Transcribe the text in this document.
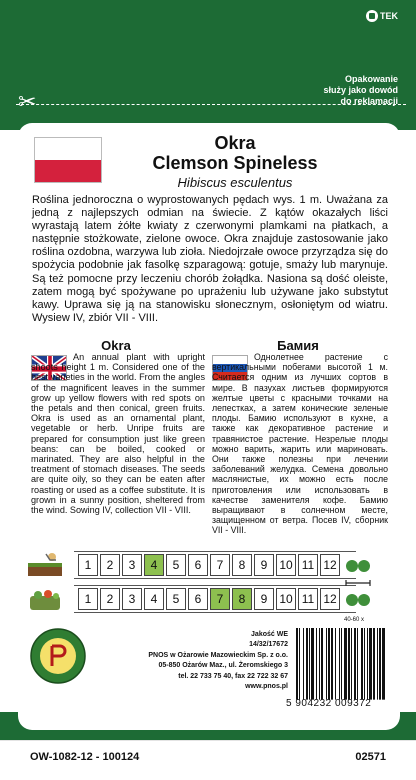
TEK
Opakowanie
służy jako dowód
do reklamacji
✂
Okra
Clemson Spineless
Hibiscus esculentus
Roślina jednoroczna o wyprostowanych pędach wys. 1 m. Uważana za jedną z najlepszych odmian na świecie. Z kątów okazałych liści wyrastają latem żółte kwiaty z czerwonymi plamkami na płatkach, a następnie stożkowate, zielone owoce. Okra znajduje zastosowanie jako roślina ozdobna, warzywa lub zioła. Niedojrzałe owoce przyrządza się do spożycia podobnie jak fasolkę szparagową: gotuje, smaży lub marynuje. Są też pomocne przy leczeniu chorób żołądka. Nasiona są dość oleiste, zatem mogą być spożywane po uprażeniu lub używane jako substytut kawy. Uprawa się ją na stanowisku słonecznym, osłoniętym od wiatru. Wysiew IV, zbiór VII - VIII.
Okra	Бамия
An annual plant with upright shoots height 1 m. Considered one of the best varieties in the world. From the angles of the magnificent leaves in the summer grow up yellow flowers with red spots on the petals and then conical, green fruits. Okra is used as an ornamental plant, vegetable or herb. Unripe fruits are prepared for consumption just like green beans: can be boiled, cooked or marinated. They are also helpful in the treatment of stomach diseases. The seeds are quite oily, so they can be eaten after roasting or used as a coffee substitute. It is grown in a sunny position, sheltered from the wind. Sowing IV, collection VII - VIII.
Однолетнее растение с вертикальными побегами высотой 1 м. Считается одним из лучших сортов в мире. В пазухах листьев формируются желтые цветы с красными точками на лепестках, а затем конические зеленые плоды. Бамию используют в кухне, а также как декоративное растение и травянистое растение. Незрелые плоды можно варить, жарить или мариновать. Они также полезны при лечении заболеваний желудка. Семена довольно маслянистые, их можно есть после приготовления или использовать в качестве заменителя кофе. Бамию выращивают в солнечном месте, защищенном от ветра. Посев IV, сборник VII - VIII.
1	2	3	4	5	6	7	8	9 10 11 12
1	2	3	4	5	6	7	8	9 10 11 12
40-60 x
Jakość WE
14/32/17672
PNOS w Ożarowie Mazowieckim Sp. z o.o.
05-850 Ożarów Maz., ul. Żeromskiego 3
tel. 22 733 75 40, fax 22 722 32 67
www.pnos.pl
5 904232 009372
OW-1082-12 - 100124	02571
